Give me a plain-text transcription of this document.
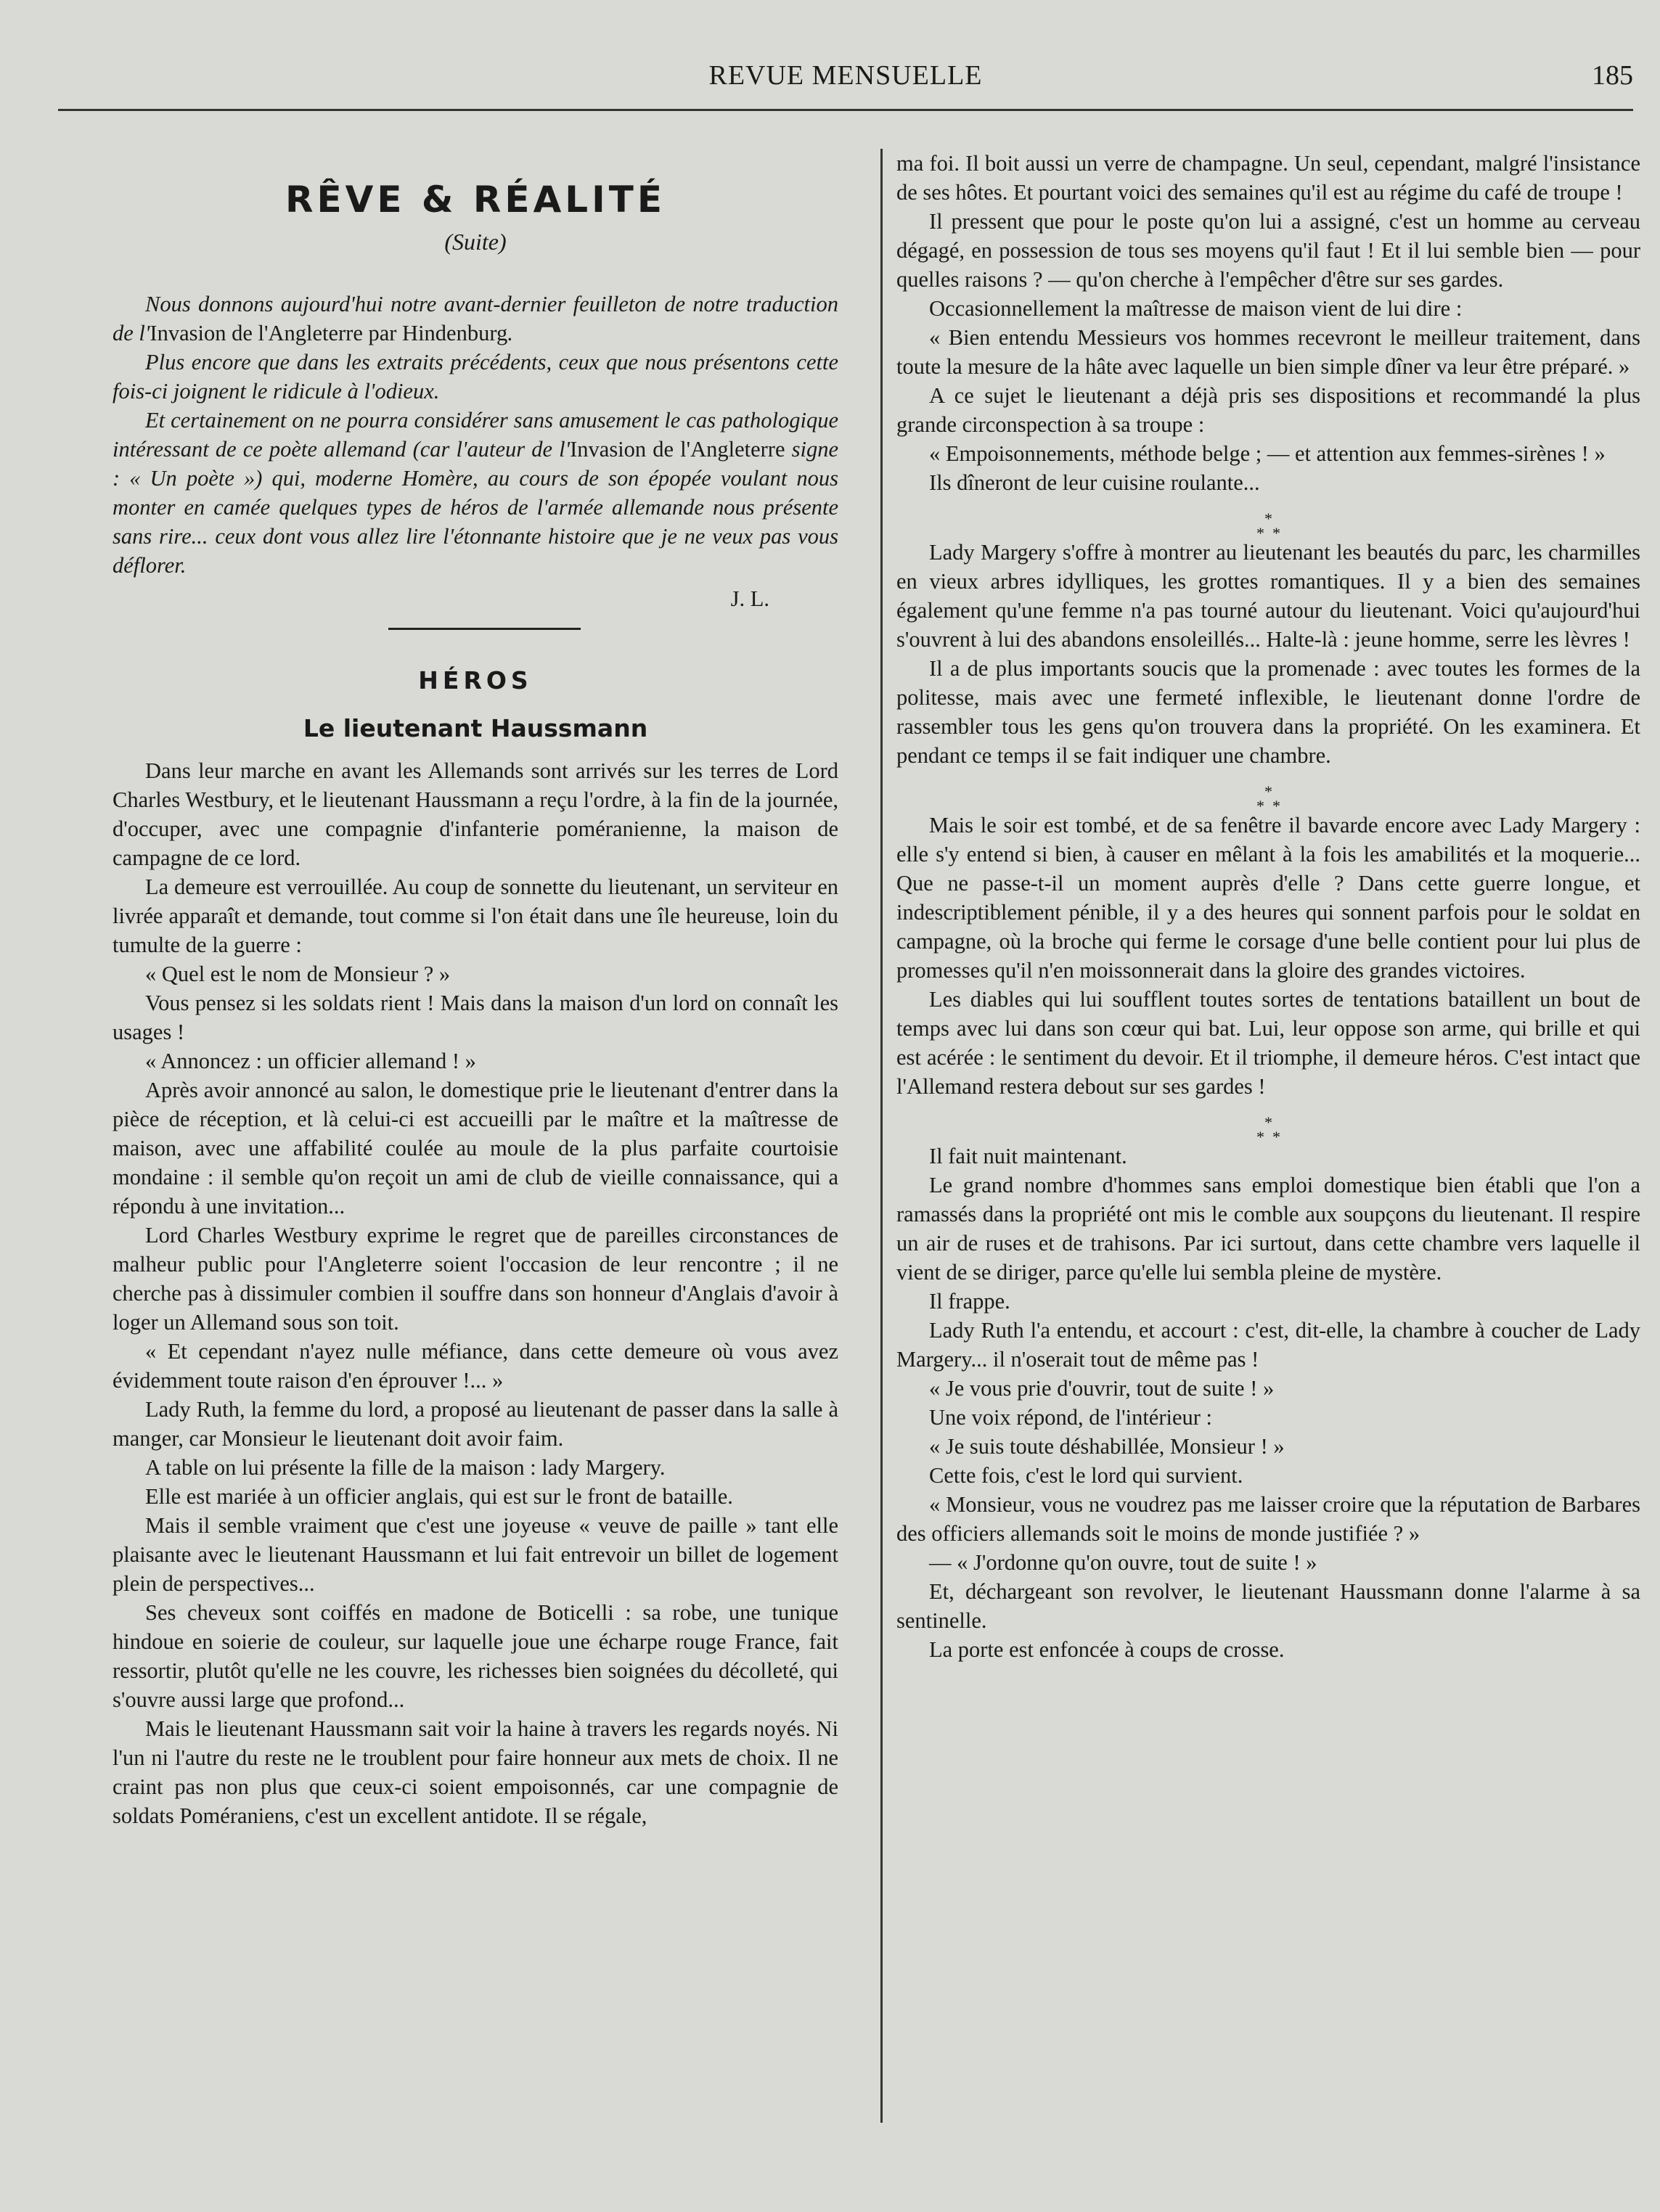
REVUE MENSUELLE	185
RÊVE & RÉALITÉ
(Suite)

Nous donnons aujourd'hui notre avant-dernier feuilleton de notre traduction de l'Invasion de l'Angleterre par Hindenburg.

Plus encore que dans les extraits précédents, ceux que nous présentons cette fois-ci joignent le ridicule à l'odieux.

Et certainement on ne pourra considérer sans amusement le cas pathologique intéressant de ce poète allemand (car l'auteur de l'Invasion de l'Angleterre signe : « Un poète ») qui, moderne Homère, au cours de son épopée voulant nous monter en camée quelques types de héros de l'armée allemande nous présente sans rire... ceux dont vous allez lire l'étonnante histoire que je ne veux pas vous déflorer.

J. L.
HÉROS
Le lieutenant Haussmann

Dans leur marche en avant les Allemands sont arrivés sur les terres de Lord Charles Westbury, et le lieutenant Haussmann a reçu l'ordre, à la fin de la journée, d'occuper, avec une compagnie d'infanterie poméranienne, la maison de campagne de ce lord.

La demeure est verrouillée. Au coup de sonnette du lieutenant, un serviteur en livrée apparaît et demande, tout comme si l'on était dans une île heureuse, loin du tumulte de la guerre :

« Quel est le nom de Monsieur ? »

Vous pensez si les soldats rient ! Mais dans la maison d'un lord on connaît les usages !

« Annoncez : un officier allemand ! »

Après avoir annoncé au salon, le domestique prie le lieutenant d'entrer dans la pièce de réception, et là celui-ci est accueilli par le maître et la maîtresse de maison, avec une affabilité coulée au moule de la plus parfaite courtoisie mondaine : il semble qu'on reçoit un ami de club de vieille connaissance, qui a répondu à une invitation...

Lord Charles Westbury exprime le regret que de pareilles circonstances de malheur public pour l'Angleterre soient l'occasion de leur rencontre ; il ne cherche pas à dissimuler combien il souffre dans son honneur d'Anglais d'avoir à loger un Allemand sous son toit.

« Et cependant n'ayez nulle méfiance, dans cette demeure où vous avez évidemment toute raison d'en éprouver !... »

Lady Ruth, la femme du lord, a proposé au lieutenant de passer dans la salle à manger, car Monsieur le lieutenant doit avoir faim.

A table on lui présente la fille de la maison : lady Margery.

Elle est mariée à un officier anglais, qui est sur le front de bataille.

Mais il semble vraiment que c'est une joyeuse « veuve de paille » tant elle plaisante avec le lieutenant Haussmann et lui fait entrevoir un billet de logement plein de perspectives...

Ses cheveux sont coiffés en madone de Boticelli : sa robe, une tunique hindoue en soierie de couleur, sur laquelle joue une écharpe rouge France, fait ressortir, plutôt qu'elle ne les couvre, les richesses bien soignées du décolleté, qui s'ouvre aussi large que profond...

Mais le lieutenant Haussmann sait voir la haine à travers les regards noyés. Ni l'un ni l'autre du reste ne le troublent pour faire honneur aux mets de choix. Il ne craint pas non plus que ceux-ci soient empoisonnés, car une compagnie de soldats Poméraniens, c'est un excellent antidote. Il se régale,

ma foi. Il boit aussi un verre de champagne. Un seul, cependant, malgré l'insistance de ses hôtes. Et pourtant voici des semaines qu'il est au régime du café de troupe !

Il pressent que pour le poste qu'on lui a assigné, c'est un homme au cerveau dégagé, en possession de tous ses moyens qu'il faut ! Et il lui semble bien — pour quelles raisons ? — qu'on cherche à l'empêcher d'être sur ses gardes.

Occasionnellement la maîtresse de maison vient de lui dire :

« Bien entendu Messieurs vos hommes recevront le meilleur traitement, dans toute la mesure de la hâte avec laquelle un bien simple dîner va leur être préparé. »

A ce sujet le lieutenant a déjà pris ses dispositions et recommandé la plus grande circonspection à sa troupe :

« Empoisonnements, méthode belge ; — et attention aux femmes-sirènes ! »

Ils dîneront de leur cuisine roulante...

*
*  *

Lady Margery s'offre à montrer au lieutenant les beautés du parc, les charmilles en vieux arbres idylliques, les grottes romantiques. Il y a bien des semaines également qu'une femme n'a pas tourné autour du lieutenant. Voici qu'aujourd'hui s'ouvrent à lui des abandons ensoleillés... Halte-là : jeune homme, serre les lèvres !

Il a de plus importants soucis que la promenade : avec toutes les formes de la politesse, mais avec une fermeté inflexible, le lieutenant donne l'ordre de rassembler tous les gens qu'on trouvera dans la propriété. On les examinera. Et pendant ce temps il se fait indiquer une chambre.

*
*  *

Mais le soir est tombé, et de sa fenêtre il bavarde encore avec Lady Margery : elle s'y entend si bien, à causer en mêlant à la fois les amabilités et la moquerie... Que ne passe-t-il un moment auprès d'elle ? Dans cette guerre longue, et indescriptiblement pénible, il y a des heures qui sonnent parfois pour le soldat en campagne, où la broche qui ferme le corsage d'une belle contient pour lui plus de promesses qu'il n'en moissonnerait dans la gloire des grandes victoires.

Les diables qui lui soufflent toutes sortes de tentations bataillent un bout de temps avec lui dans son cœur qui bat. Lui, leur oppose son arme, qui brille et qui est acérée : le sentiment du devoir. Et il triomphe, il demeure héros. C'est intact que l'Allemand restera debout sur ses gardes !

*
*  *

Il fait nuit maintenant.

Le grand nombre d'hommes sans emploi domestique bien établi que l'on a ramassés dans la propriété ont mis le comble aux soupçons du lieutenant. Il respire un air de ruses et de trahisons. Par ici surtout, dans cette chambre vers laquelle il vient de se diriger, parce qu'elle lui sembla pleine de mystère.

Il frappe.

Lady Ruth l'a entendu, et accourt : c'est, dit-elle, la chambre à coucher de Lady Margery... il n'oserait tout de même pas !

« Je vous prie d'ouvrir, tout de suite ! »

Une voix répond, de l'intérieur :

« Je suis toute déshabillée, Monsieur ! »

Cette fois, c'est le lord qui survient.

« Monsieur, vous ne voudrez pas me laisser croire que la réputation de Barbares des officiers allemands soit le moins de monde justifiée ? »

— « J'ordonne qu'on ouvre, tout de suite ! »

Et, déchargeant son revolver, le lieutenant Haussmann donne l'alarme à sa sentinelle.

La porte est enfoncée à coups de crosse.
